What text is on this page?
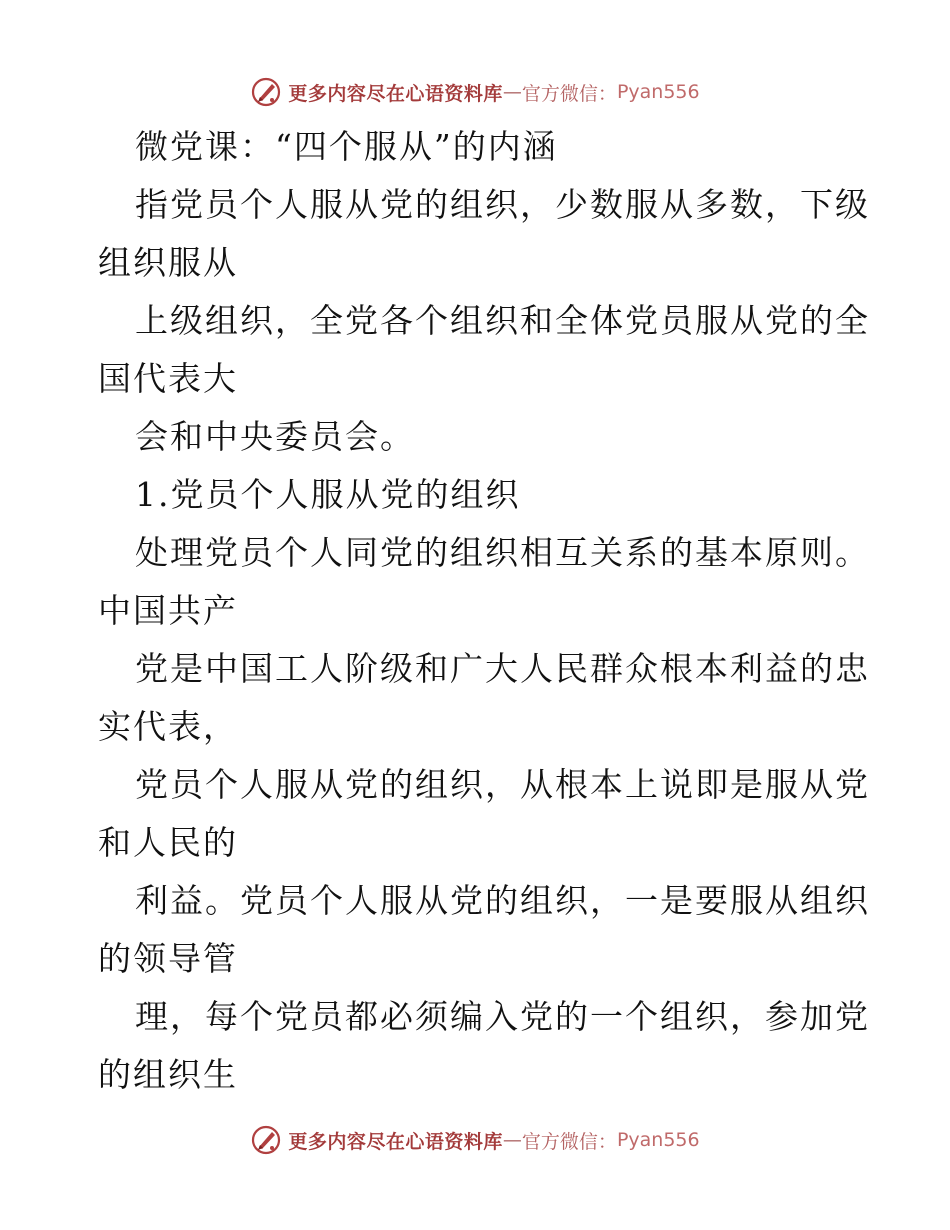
更多内容尽在心语资料库 — 官方微信： Pyan556
微党课：“四个服从”的内涵
指党员个人服从党的组织，少数服从多数，下级
组织服从
上级组织，全党各个组织和全体党员服从党的全
国代表大
会和中央委员会。
1.党员个人服从党的组织
处理党员个人同党的组织相互关系的基本原则。
中国共产
党是中国工人阶级和广大人民群众根本利益的忠
实代表，
党员个人服从党的组织，从根本上说即是服从党
和人民的
利益。党员个人服从党的组织，一是要服从组织
的领导管
理，每个党员都必须编入党的一个组织，参加党
的组织生
更多内容尽在心语资料库 — 官方微信： Pyan556
